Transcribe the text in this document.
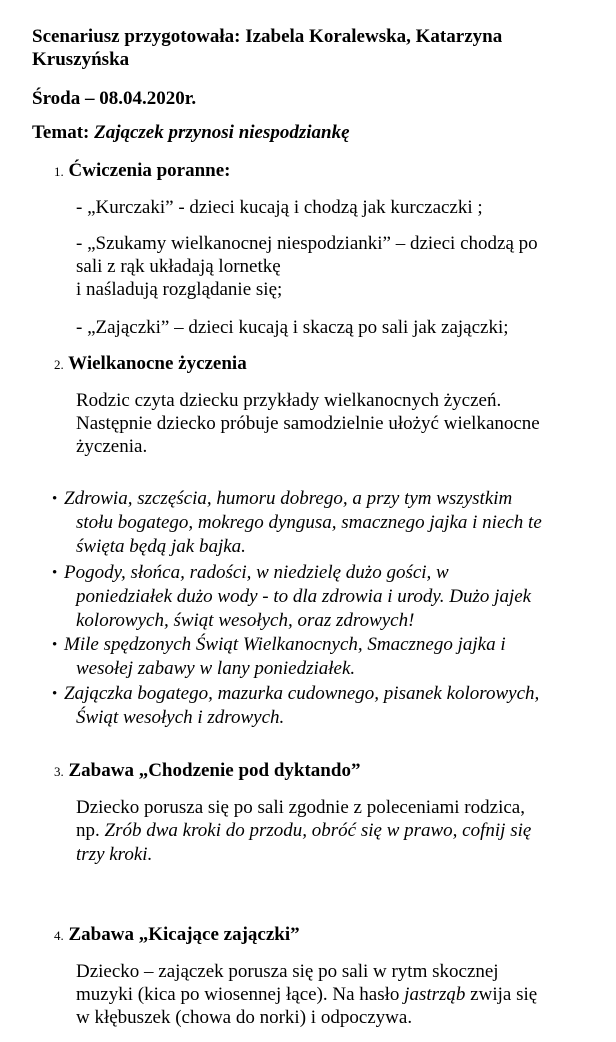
Scenariusz przygotowała: Izabela Koralewska, Katarzyna
Kruszyńska
Środa – 08.04.2020r.
Temat: Zajączek przynosi niespodziankę
1. Ćwiczenia poranne:
- „Kurczaki” - dzieci kucają i chodzą jak kurczaczki ;
- „Szukamy wielkanocnej niespodzianki” – dzieci chodzą po
sali z rąk układają lornetkę
i naśladują rozglądanie się;
- „Zajączki” – dzieci kucają i skaczą po sali jak zajączki;
2. Wielkanocne życzenia
Rodzic czyta dziecku przykłady wielkanocnych życzeń.
Następnie dziecko próbuje samodzielnie ułożyć wielkanocne
życzenia.
• Zdrowia, szczęścia, humoru dobrego, a przy tym wszystkim
stołu bogatego, mokrego dyngusa, smacznego jajka i niech te
święta będą jak bajka.
• Pogody, słońca, radości, w niedzielę dużo gości, w
poniedziałek dużo wody - to dla zdrowia i urody. Dużo jajek
kolorowych, świąt wesołych, oraz zdrowych!
• Mile spędzonych Świąt Wielkanocnych, Smacznego jajka i
wesołej zabawy w lany poniedziałek.
• Zajączka bogatego, mazurka cudownego, pisanek kolorowych,
Świąt wesołych i zdrowych.
3. Zabawa „Chodzenie pod dyktando”
Dziecko porusza się po sali zgodnie z poleceniami rodzica,
np. Zrób dwa kroki do przodu, obróć się w prawo, cofnij się
trzy kroki.
4. Zabawa „Kicające zajączki”
Dziecko – zajączek porusza się po sali w rytm skocznej
muzyki (kica po wiosennej łące). Na hasło jastrząb zwija się
w kłębuszek (chowa do norki) i odpoczywa.
